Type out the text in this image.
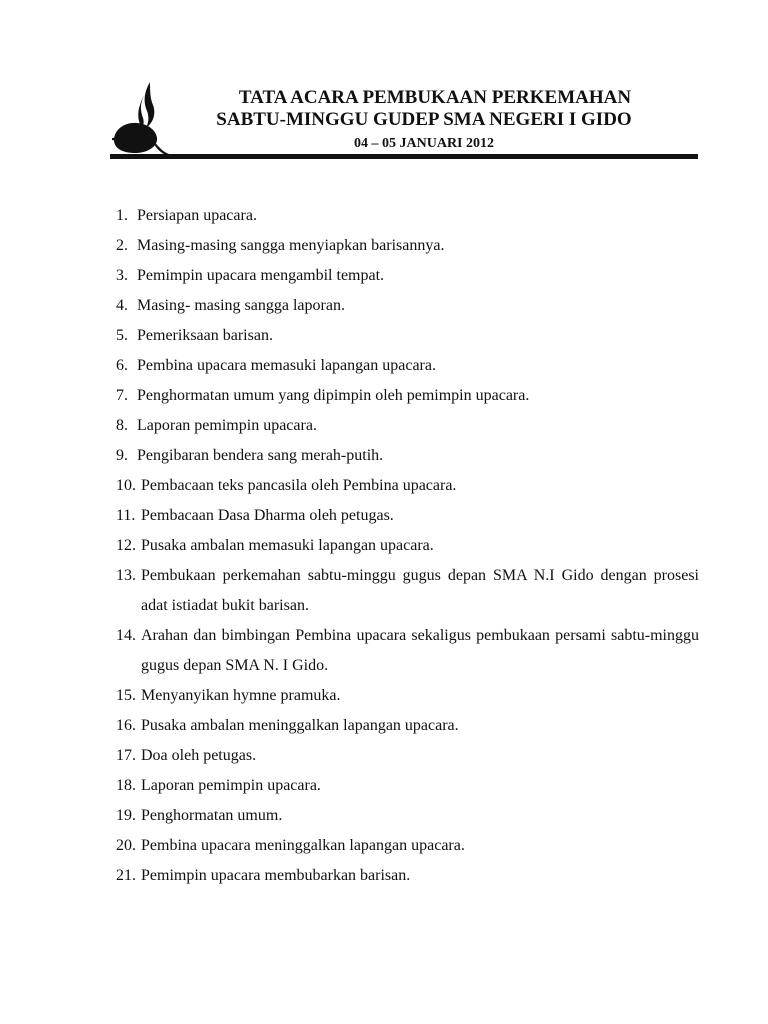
TATA ACARA PEMBUKAAN PERKEMAHAN
SABTU-MINGGU GUDEP SMA NEGERI I GIDO
04 – 05 JANUARI 2012
1. Persiapan upacara.
2. Masing-masing sangga menyiapkan barisannya.
3. Pemimpin upacara mengambil tempat.
4. Masing- masing sangga laporan.
5. Pemeriksaan barisan.
6. Pembina upacara memasuki lapangan upacara.
7. Penghormatan umum yang dipimpin oleh pemimpin upacara.
8. Laporan pemimpin upacara.
9. Pengibaran bendera sang merah-putih.
10. Pembacaan teks pancasila oleh Pembina upacara.
11. Pembacaan Dasa Dharma oleh petugas.
12. Pusaka ambalan memasuki lapangan upacara.
13. Pembukaan perkemahan sabtu-minggu gugus depan SMA N.I Gido dengan prosesi adat istiadat bukit barisan.
14. Arahan dan bimbingan Pembina upacara sekaligus pembukaan persami sabtu-minggu gugus depan SMA N. I Gido.
15. Menyanyikan hymne pramuka.
16. Pusaka ambalan meninggalkan lapangan upacara.
17. Doa oleh petugas.
18. Laporan pemimpin upacara.
19. Penghormatan umum.
20. Pembina upacara meninggalkan lapangan upacara.
21. Pemimpin upacara membubarkan barisan.
